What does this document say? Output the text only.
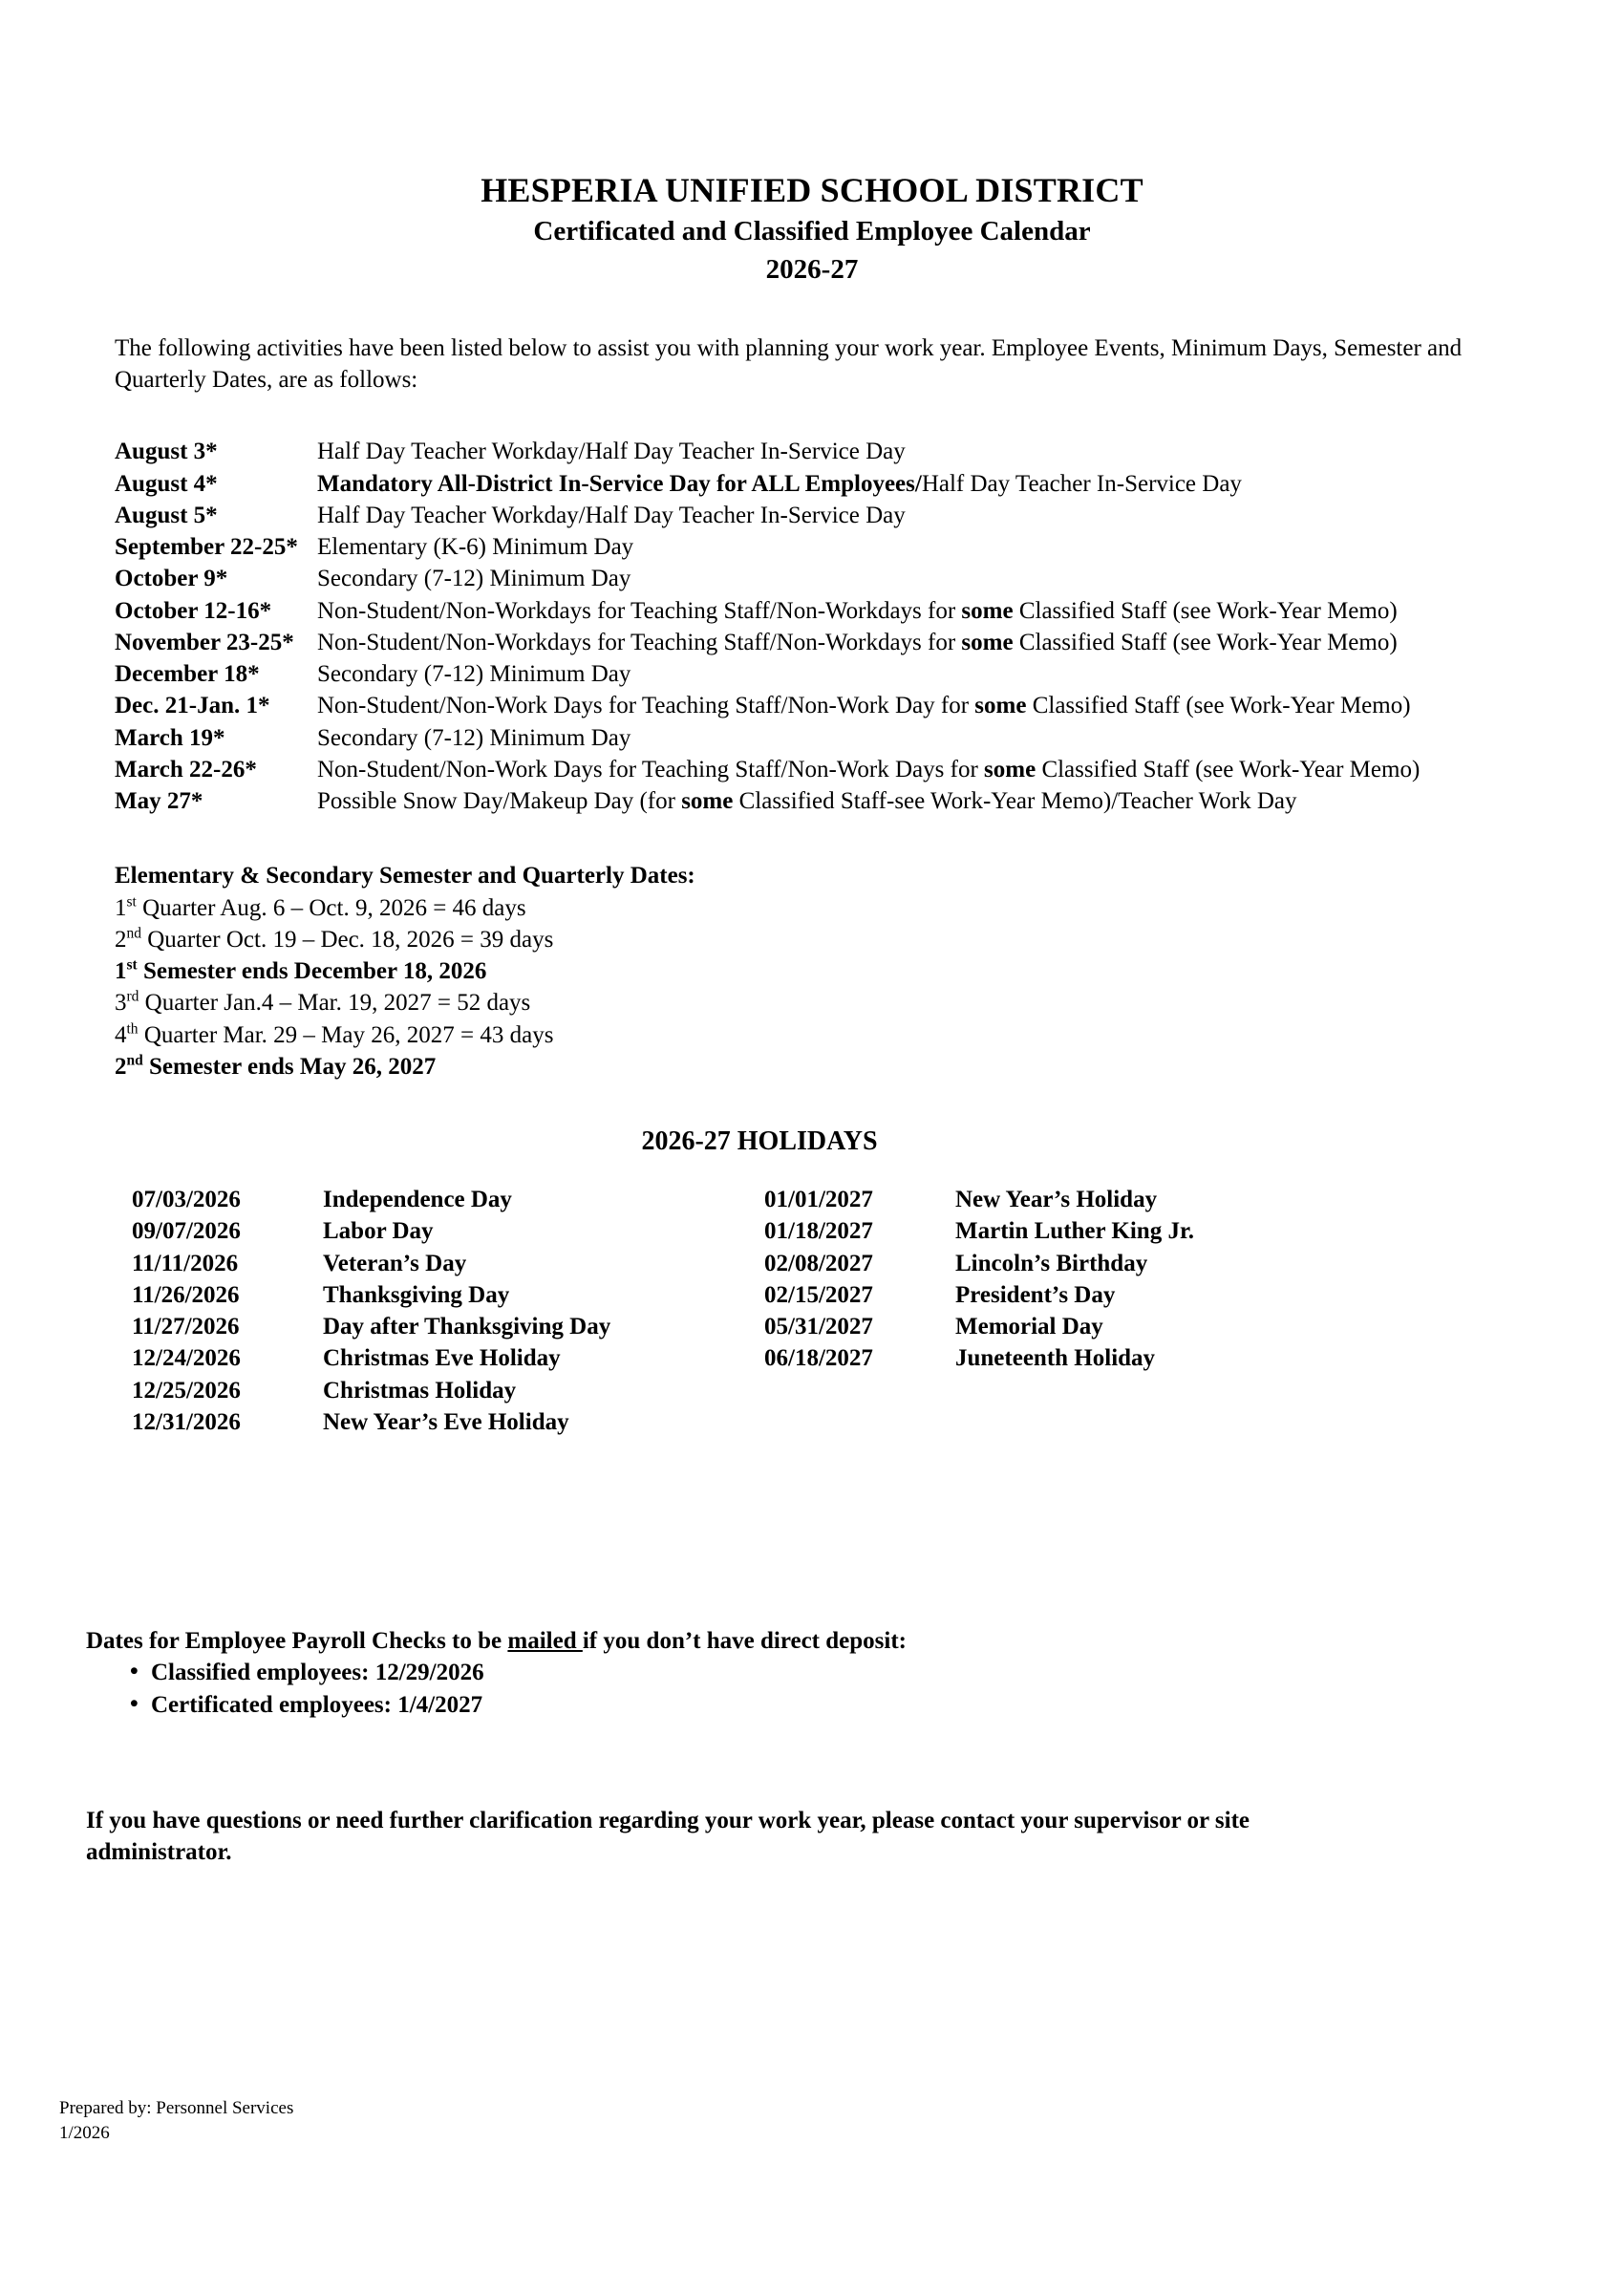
HESPERIA UNIFIED SCHOOL DISTRICT
Certificated and Classified Employee Calendar
2026-27

The following activities have been listed below to assist you with planning your work year. Employee Events, Minimum Days, Semester and Quarterly Dates, are as follows:

August 3*	Half Day Teacher Workday/Half Day Teacher In-Service Day
August 4*	Mandatory All-District In-Service Day for ALL Employees/Half Day Teacher In-Service Day
August 5*	Half Day Teacher Workday/Half Day Teacher In-Service Day
September 22-25* Elementary (K-6) Minimum Day
October 9*	Secondary (7-12) Minimum Day
October 12-16* Non-Student/Non-Workdays for Teaching Staff/Non-Workdays for some Classified Staff (see Work-Year Memo)
November 23-25* Non-Student/Non-Workdays for Teaching Staff/Non-Workdays for some Classified Staff (see Work-Year Memo)
December 18* Secondary (7-12) Minimum Day
Dec. 21-Jan. 1* Non-Student/Non-Work Days for Teaching Staff/Non-Work Day for some Classified Staff (see Work-Year Memo)
March 19*	Secondary (7-12) Minimum Day
March 22-26*	Non-Student/Non-Work Days for Teaching Staff/Non-Work Days for some Classified Staff (see Work-Year Memo)
May 27*	Possible Snow Day/Makeup Day (for some Classified Staff-see Work-Year Memo)/Teacher Work Day
Elementary & Secondary Semester and Quarterly Dates:
1st Quarter Aug. 6 – Oct. 9, 2026 = 46 days
2nd Quarter Oct. 19 – Dec. 18, 2026 = 39 days
1st Semester ends December 18, 2026
3rd Quarter Jan.4 – Mar. 19, 2027 = 52 days
4th Quarter Mar. 29 – May 26, 2027 = 43 days
2nd Semester ends May 26, 2027
2026-27 HOLIDAYS
07/03/2026	Independence Day
09/07/2026	Labor Day
11/11/2026	Veteran’s Day
11/26/2026	Thanksgiving Day
11/27/2026	Day after Thanksgiving Day
12/24/2026	Christmas Eve Holiday
12/25/2026	Christmas Holiday
12/31/2026	New Year’s Eve Holiday
01/01/2027	New Year’s Holiday
01/18/2027	Martin Luther King Jr.
02/08/2027	Lincoln’s Birthday
02/15/2027	President’s Day
05/31/2027	Memorial Day
06/18/2027	Juneteenth Holiday
Dates for Employee Payroll Checks to be mailed if you don’t have direct deposit:
• Classified employees: 12/29/2026
• Certificated employees: 1/4/2027

If you have questions or need further clarification regarding your work year, please contact your supervisor or site administrator.

Prepared by: Personnel Services
1/2026
